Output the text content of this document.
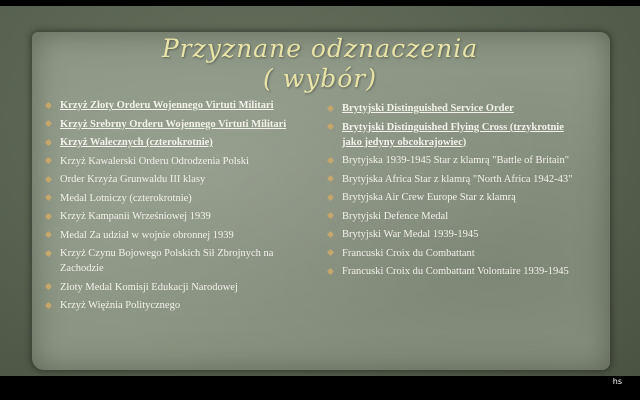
Przyznane odznaczenia
( wybór)
Krzyż Złoty Orderu Wojennego Virtuti Militari
Krzyż Srebrny Orderu Wojennego Virtuti Militari
Krzyż Walecznych (czterokrotnie)
Krzyż Kawalerski Orderu Odrodzenia Polski
Order Krzyża Grunwaldu III klasy
Medal Lotniczy (czterokrotnie)
Krzyż Kampanii Wrześniowej 1939
Medal Za udział w wojnie obronnej 1939
Krzyż Czynu Bojowego Polskich Sił Zbrojnych na Zachodzie
Złoty Medal Komisji Edukacji Narodowej
Krzyż Więźnia Politycznego
Brytyjski Distinguished Service Order
Brytyjski Distinguished Flying Cross (trzykrotnie jako jedyny obcokrajowiec)
Brytyjska 1939-1945 Star z klamrą "Battle of Britain"
Brytyjska Africa Star z klamrą "North Africa 1942-43"
Brytyjska Air Crew Europe Star z klamrą
Brytyjski Defence Medal
Brytyjski War Medal 1939-1945
Francuski Croix du Combattant
Francuski Croix du Combattant Volontaire 1939-1945
hs
